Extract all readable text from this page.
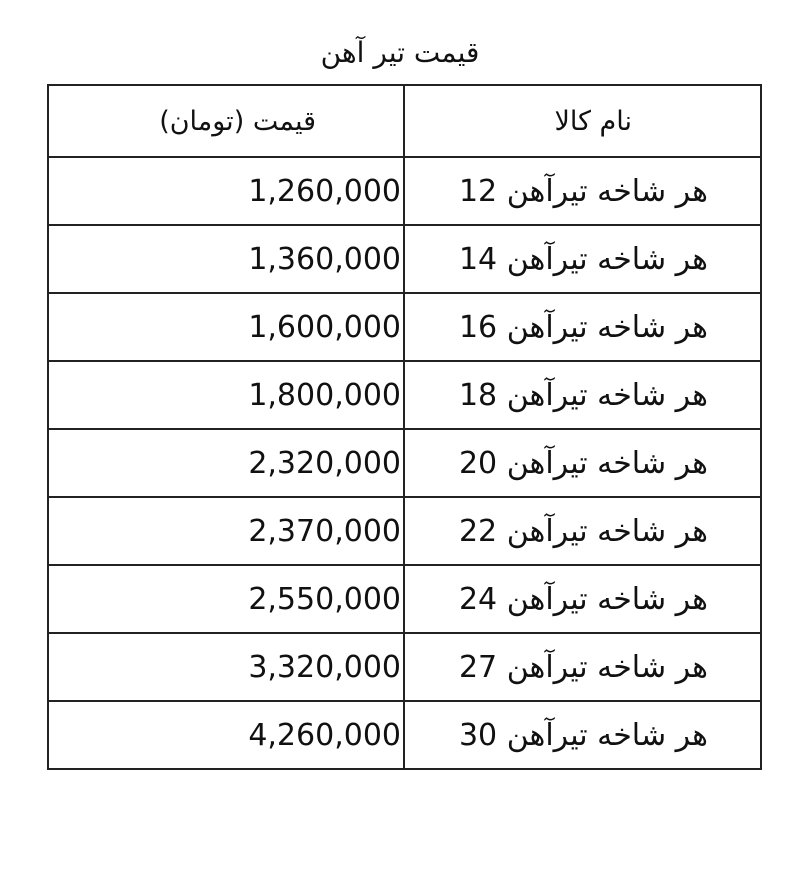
قیمت تیر آهن
نام کالا	قیمت (تومان)
هر شاخه تیرآهن 12	1,260,000
هر شاخه تیرآهن 14	1,360,000
هر شاخه تیرآهن 16	1,600,000
هر شاخه تیرآهن 18	1,800,000
هر شاخه تیرآهن 20	2,320,000
هر شاخه تیرآهن 22	2,370,000
هر شاخه تیرآهن 24	2,550,000
هر شاخه تیرآهن 27	3,320,000
هر شاخه تیرآهن 30	4,260,000
